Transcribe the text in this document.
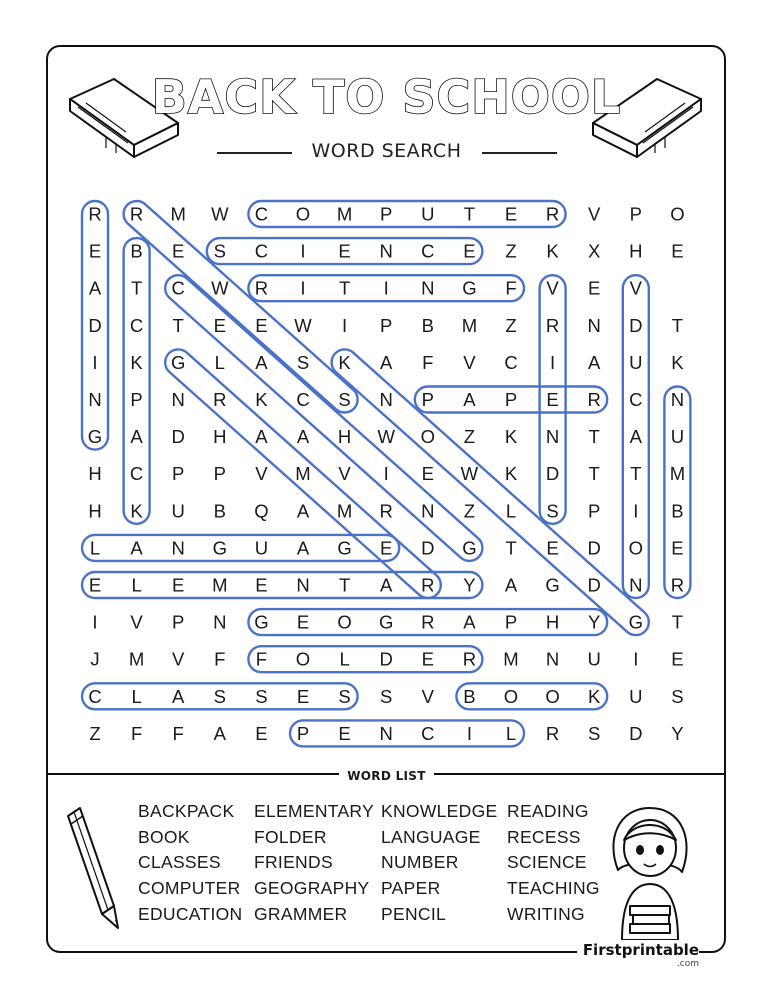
BACK TO SCHOOL
WORD SEARCH
R R M W C O M P U T E R V P O
E B E S C I E N C E Z K X H E
A T C W R I T I N G F V E V
D C T E E W I P B M Z R N D T
I K G L A S K A F V C I A U K
N P N R K C S N P A P E R C N
G A D H A A H W O Z K N T A U
H C P P V M V I E W K D T T M
H K U B Q A M R N Z L S P I B
L A N G U A G E D G T E D O E
E L E M E N T A R Y A G D N R
I V P N G E O G R A P H Y G T
J M V F F O L D E R M N U I E
C L A S S E S S V B O O K U S
Z F F A E P E N C I L R S D Y
WORD LIST
BACKPACK
BOOK
CLASSES
COMPUTER
EDUCATION
ELEMENTARY
FOLDER
FRIENDS
GEOGRAPHY
GRAMMER
KNOWLEDGE
LANGUAGE
NUMBER
PAPER
PENCIL
READING
RECESS
SCIENCE
TEACHING
WRITING
Firstprintable
.com
